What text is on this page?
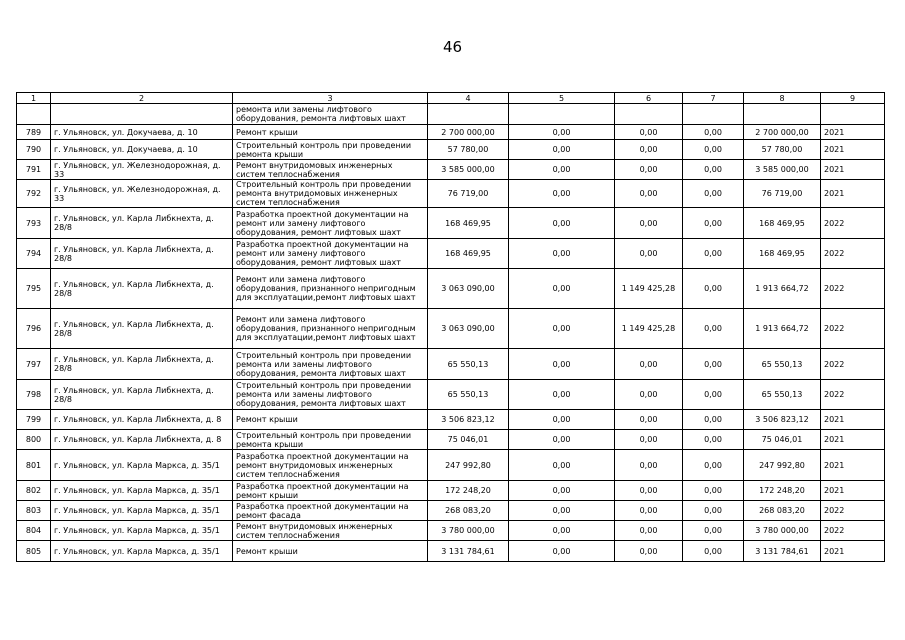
46
1	2	3	4	5	6	7	8	9
		ремонта или замены лифтового оборудования, ремонта лифтовых шахт						
789	г. Ульяновск, ул. Докучаева, д. 10	Ремонт крыши	2 700 000,00	0,00	0,00	0,00	2 700 000,00	2021
790	г. Ульяновск, ул. Докучаева, д. 10	Строительный контроль при проведении ремонта крыши	57 780,00	0,00	0,00	0,00	57 780,00	2021
791	г. Ульяновск, ул. Железнодорожная, д. 33	Ремонт внутридомовых инженерных систем теплоснабжения	3 585 000,00	0,00	0,00	0,00	3 585 000,00	2021
792	г. Ульяновск, ул. Железнодорожная, д. 33	Строительный контроль при проведении ремонта внутридомовых инженерных систем теплоснабжения	76 719,00	0,00	0,00	0,00	76 719,00	2021
793	г. Ульяновск, ул. Карла Либкнехта, д. 28/8	Разработка проектной документации на ремонт или замену лифтового оборудования, ремонт лифтовых шахт	168 469,95	0,00	0,00	0,00	168 469,95	2022
794	г. Ульяновск, ул. Карла Либкнехта, д. 28/8	Разработка проектной документации на ремонт или замену лифтового оборудования, ремонт лифтовых шахт	168 469,95	0,00	0,00	0,00	168 469,95	2022
795	г. Ульяновск, ул. Карла Либкнехта, д. 28/8	Ремонт или замена лифтового оборудования, признанного непригодным для эксплуатации,ремонт лифтовых шахт	3 063 090,00	0,00	1 149 425,28	0,00	1 913 664,72	2022
796	г. Ульяновск, ул. Карла Либкнехта, д. 28/8	Ремонт или замена лифтового оборудования, признанного непригодным для эксплуатации,ремонт лифтовых шахт	3 063 090,00	0,00	1 149 425,28	0,00	1 913 664,72	2022
797	г. Ульяновск, ул. Карла Либкнехта, д. 28/8	Строительный контроль при проведении ремонта или замены лифтового оборудования, ремонта лифтовых шахт	65 550,13	0,00	0,00	0,00	65 550,13	2022
798	г. Ульяновск, ул. Карла Либкнехта, д. 28/8	Строительный контроль при проведении ремонта или замены лифтового оборудования, ремонта лифтовых шахт	65 550,13	0,00	0,00	0,00	65 550,13	2022
799	г. Ульяновск, ул. Карла Либкнехта, д. 8	Ремонт крыши	3 506 823,12	0,00	0,00	0,00	3 506 823,12	2021
800	г. Ульяновск, ул. Карла Либкнехта, д. 8	Строительный контроль при проведении ремонта крыши	75 046,01	0,00	0,00	0,00	75 046,01	2021
801	г. Ульяновск, ул. Карла Маркса, д. 35/1	Разработка проектной документации на ремонт внутридомовых инженерных систем теплоснабжения	247 992,80	0,00	0,00	0,00	247 992,80	2021
802	г. Ульяновск, ул. Карла Маркса, д. 35/1	Разработка проектной документации на ремонт крыши	172 248,20	0,00	0,00	0,00	172 248,20	2021
803	г. Ульяновск, ул. Карла Маркса, д. 35/1	Разработка проектной документации на ремонт фасада	268 083,20	0,00	0,00	0,00	268 083,20	2022
804	г. Ульяновск, ул. Карла Маркса, д. 35/1	Ремонт внутридомовых инженерных систем теплоснабжения	3 780 000,00	0,00	0,00	0,00	3 780 000,00	2022
805	г. Ульяновск, ул. Карла Маркса, д. 35/1	Ремонт крыши	3 131 784,61	0,00	0,00	0,00	3 131 784,61	2021
